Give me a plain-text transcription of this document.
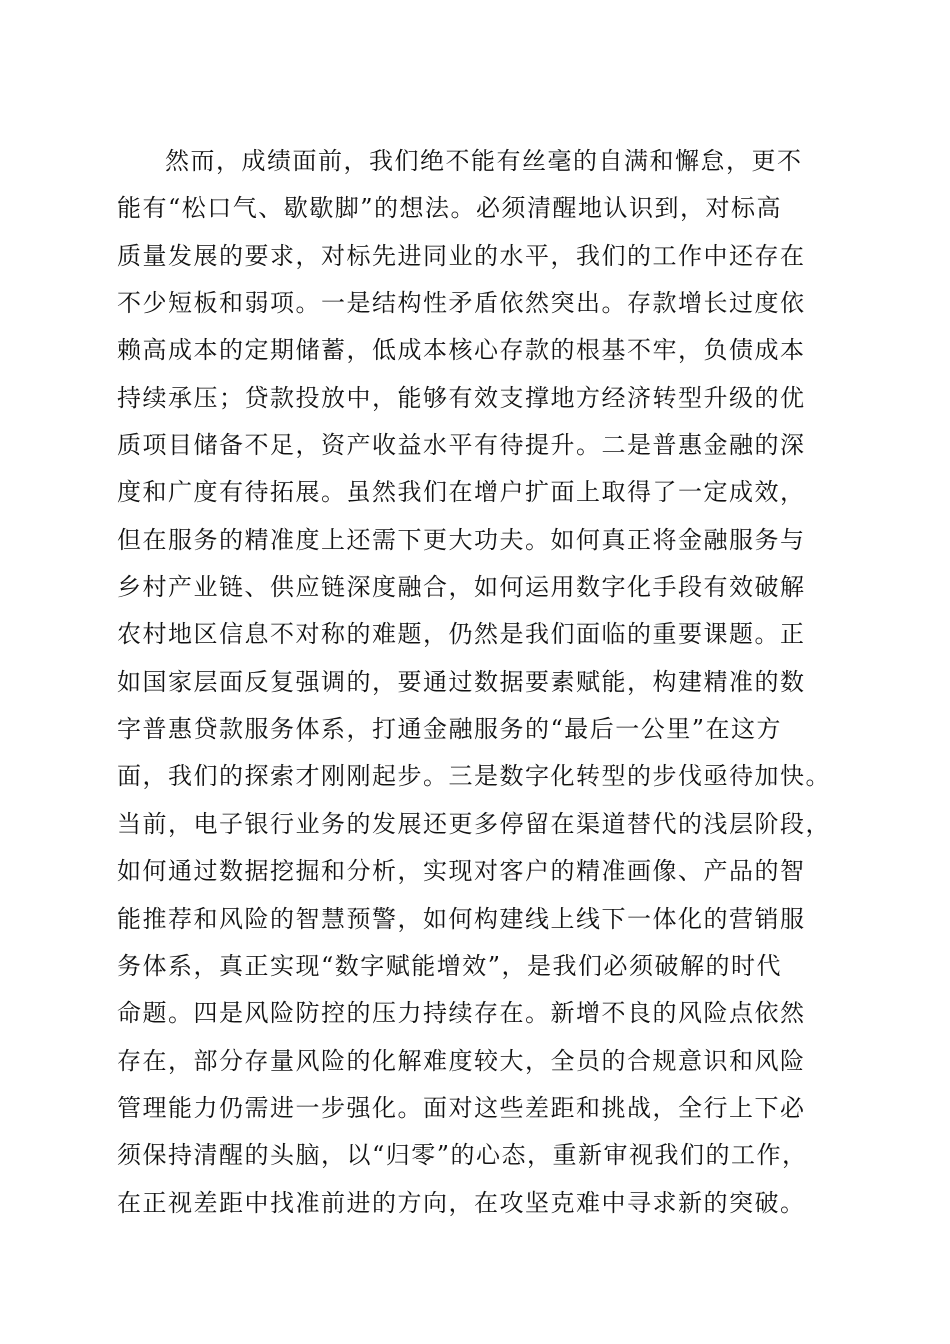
然而，成绩面前，我们绝不能有丝毫的自满和懈怠，更不
能有“松口气、歇歇脚”的想法。必须清醒地认识到，对标高
质量发展的要求，对标先进同业的水平，我们的工作中还存在
不少短板和弱项。一是结构性矛盾依然突出。存款增长过度依
赖高成本的定期储蓄，低成本核心存款的根基不牢，负债成本
持续承压；贷款投放中，能够有效支撑地方经济转型升级的优
质项目储备不足，资产收益水平有待提升。二是普惠金融的深
度和广度有待拓展。虽然我们在增户扩面上取得了一定成效，
但在服务的精准度上还需下更大功夫。如何真正将金融服务与
乡村产业链、供应链深度融合，如何运用数字化手段有效破解
农村地区信息不对称的难题，仍然是我们面临的重要课题。正
如国家层面反复强调的，要通过数据要素赋能，构建精准的数
字普惠贷款服务体系，打通金融服务的“最后一公里”在这方
面，我们的探索才刚刚起步。三是数字化转型的步伐亟待加快。
当前，电子银行业务的发展还更多停留在渠道替代的浅层阶段，
如何通过数据挖掘和分析，实现对客户的精准画像、产品的智
能推荐和风险的智慧预警，如何构建线上线下一体化的营销服
务体系，真正实现“数字赋能增效”，是我们必须破解的时代
命题。四是风险防控的压力持续存在。新增不良的风险点依然
存在，部分存量风险的化解难度较大，全员的合规意识和风险
管理能力仍需进一步强化。面对这些差距和挑战，全行上下必
须保持清醒的头脑，以“归零”的心态，重新审视我们的工作，
在正视差距中找准前进的方向，在攻坚克难中寻求新的突破。
